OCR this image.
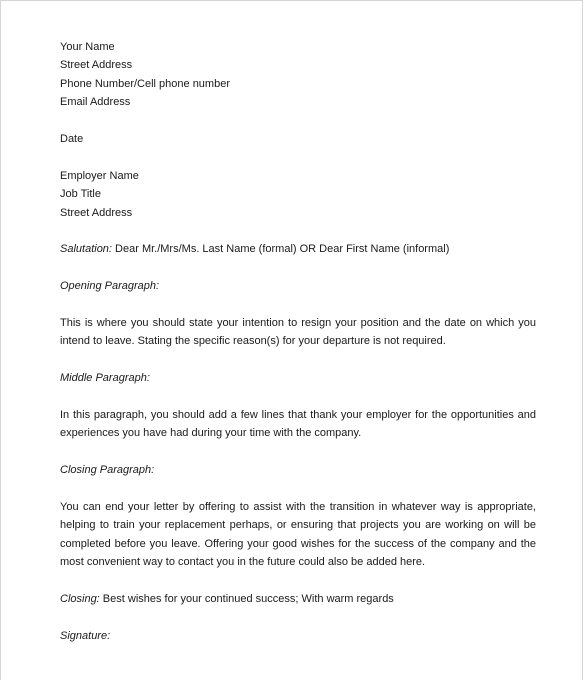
Your Name
Street Address
Phone Number/Cell phone number
Email Address
Date
Employer Name
Job Title
Street Address
Salutation: Dear Mr./Mrs/Ms. Last Name (formal) OR Dear First Name (informal)
Opening Paragraph:
This is where you should state your intention to resign your position and the date on which you intend to leave. Stating the specific reason(s) for your departure is not required.
Middle Paragraph:
In this paragraph, you should add a few lines that thank your employer for the opportunities and experiences you have had during your time with the company.
Closing Paragraph:
You can end your letter by offering to assist with the transition in whatever way is appropriate, helping to train your replacement perhaps, or ensuring that projects you are working on will be completed before you leave. Offering your good wishes for the success of the company and the most convenient way to contact you in the future could also be added here.
Closing: Best wishes for your continued success; With warm regards
Signature:
